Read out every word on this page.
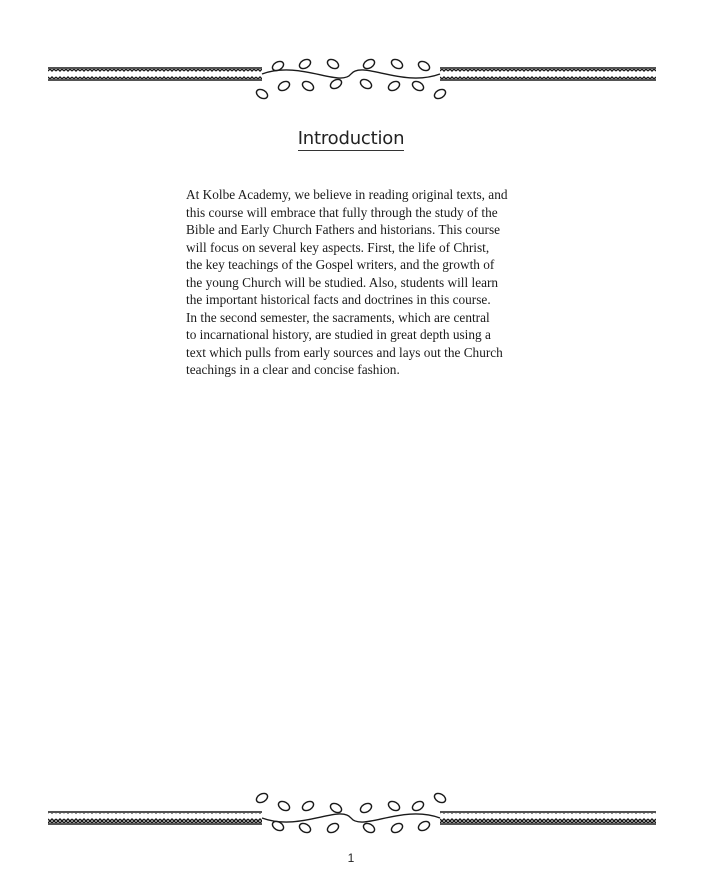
Introduction

At Kolbe Academy, we believe in reading original texts, and
this course will embrace that fully through the study of the
Bible and Early Church Fathers and historians. This course
will focus on several key aspects. First, the life of Christ,
the key teachings of the Gospel writers, and the growth of
the young Church will be studied. Also, students will learn
the important historical facts and doctrines in this course.
In the second semester, the sacraments, which are central
to incarnational history, are studied in great depth using a
text which pulls from early sources and lays out the Church
teachings in a clear and concise fashion.

1
